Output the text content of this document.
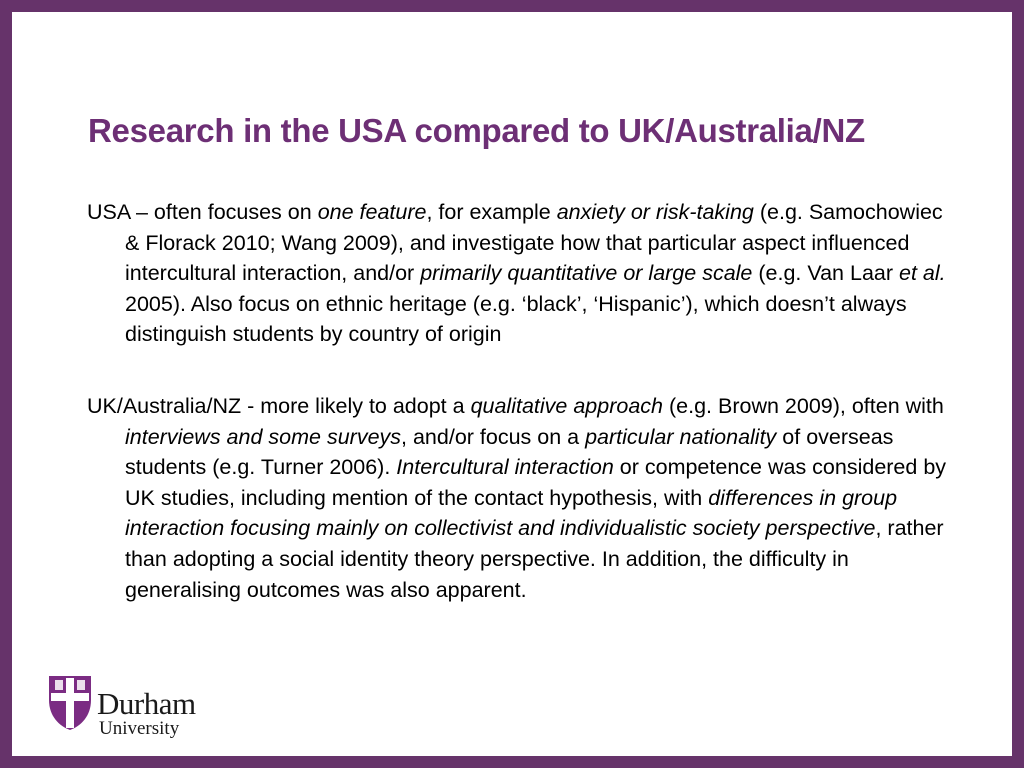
Research in the USA compared to UK/Australia/NZ

USA – often focuses on one feature, for example anxiety or risk-taking (e.g. Samochowiec & Florack 2010; Wang 2009), and investigate how that particular aspect influenced intercultural interaction, and/or primarily quantitative or large scale (e.g. Van Laar et al. 2005). Also focus on ethnic heritage (e.g. ‘black’, ‘Hispanic’), which doesn’t always distinguish students by country of origin

UK/Australia/NZ - more likely to adopt a qualitative approach (e.g. Brown 2009), often with interviews and some surveys, and/or focus on a particular nationality of overseas students (e.g. Turner 2006). Intercultural interaction or competence was considered by UK studies, including mention of the contact hypothesis, with differences in group interaction focusing mainly on collectivist and individualistic society perspective, rather than adopting a social identity theory perspective. In addition, the difficulty in generalising outcomes was also apparent.

Durham
University
